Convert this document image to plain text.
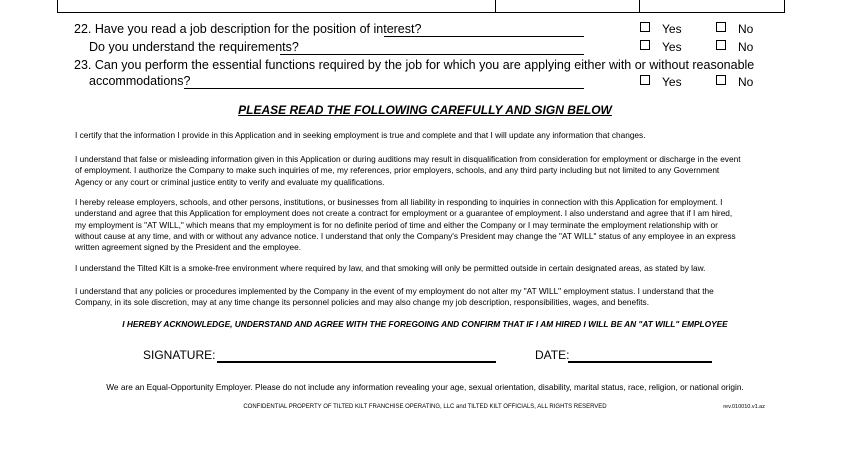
22. Have you read a job description for the position of interest?	Yes	No
Do you understand the requirements?	Yes	No
23. Can you perform the essential functions required by the job for which you are applying either with or without reasonable
accommodations?	Yes	No
PLEASE READ THE FOLLOWING CAREFULLY AND SIGN BELOW

I certify that the information I provide in this Application and in seeking employment is true and complete and that I will update any information that changes.

I understand that false or misleading information given in this Application or during auditions may result in disqualification from consideration for employment or discharge in the event of employment. I authorize the Company to make such inquiries of me, my references, prior employers, schools, and any third party including but not limited to any Government Agency or any court or criminal justice entity to verify and evaluate my qualifications.

I hereby release employers, schools, and other persons, institutions, or businesses from all liability in responding to inquiries in connection with this Application for employment. I understand and agree that this Application for employment does not create a contract for employment or a guarantee of employment. I also understand and agree that if I am hired, my employment is "AT WILL," which means that my employment is for no definite period of time and either the Company or I may terminate the employment relationship with or without cause at any time, and with or without any advance notice. I understand that only the Company's President may change the "AT WILL" status of any employee in an express written agreement signed by the President and the employee.

I understand the Tilted Kilt is a smoke-free environment where required by law, and that smoking will only be permitted outside in certain designated areas, as stated by law.

I understand that any policies or procedures implemented by the Company in the event of my employment do not alter my "AT WILL" employment status. I understand that the Company, in its sole discretion, may at any time change its personnel policies and may also change my job description, responsibilities, wages, and benefits.

I HEREBY ACKNOWLEDGE, UNDERSTAND AND AGREE WITH THE FOREGOING AND CONFIRM THAT IF I AM HIRED I WILL BE AN "AT WILL" EMPLOYEE
SIGNATURE:	DATE:
We are an Equal-Opportunity Employer. Please do not include any information revealing your age, sexual orientation, disability, marital status, race, religion, or national origin.
CONFIDENTIAL PROPERTY OF TILTED KILT FRANCHISE OPERATING, LLC and TILTED KILT OFFICIALS, ALL RIGHTS RESERVED	rev.010010.v1.az
